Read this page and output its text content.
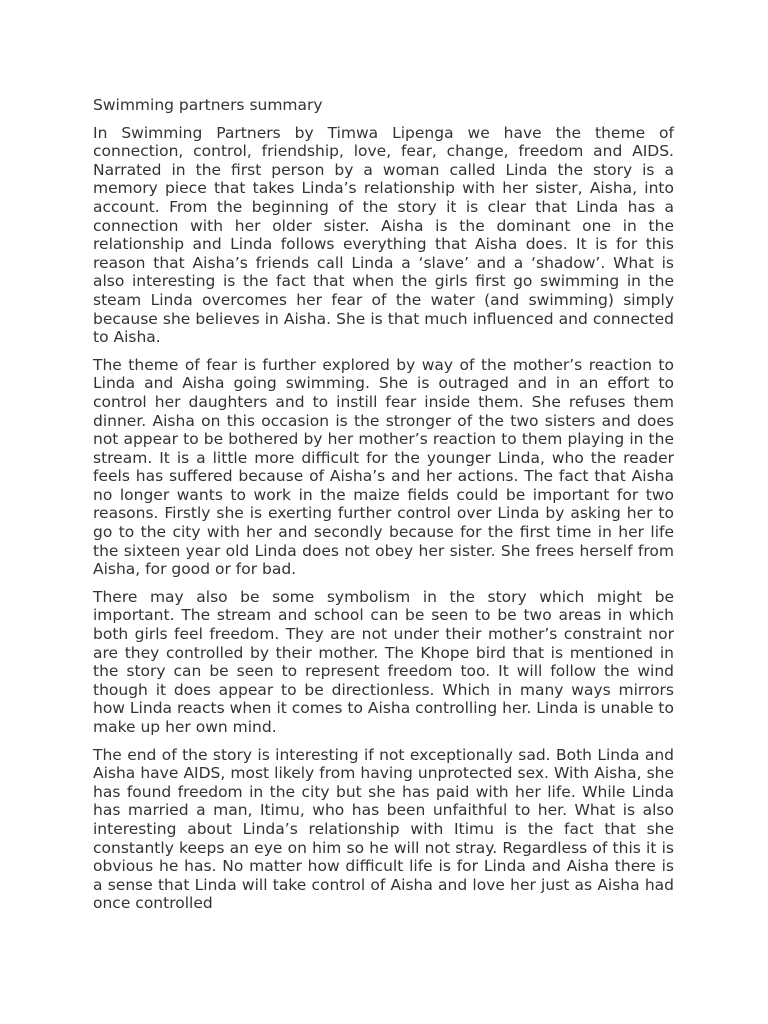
Swimming partners summary

In Swimming Partners by Timwa Lipenga we have the theme of connection, control, friendship, love, fear, change, freedom and AIDS. Narrated in the first person by a woman called Linda the story is a memory piece that takes Linda’s relationship with her sister, Aisha, into account. From the beginning of the story it is clear that Linda has a connection with her older sister. Aisha is the dominant one in the relationship and Linda follows everything that Aisha does. It is for this reason that Aisha’s friends call Linda a ‘slave’ and a ‘shadow’. What is also interesting is the fact that when the girls first go swimming in the steam Linda overcomes her fear of the water (and swimming) simply because she believes in Aisha. She is that much influenced and connected to Aisha.

The theme of fear is further explored by way of the mother’s reaction to Linda and Aisha going swimming. She is outraged and in an effort to control her daughters and to instill fear inside them. She refuses them dinner. Aisha on this occasion is the stronger of the two sisters and does not appear to be bothered by her mother’s reaction to them playing in the stream. It is a little more difficult for the younger Linda, who the reader feels has suffered because of Aisha’s and her actions. The fact that Aisha no longer wants to work in the maize fields could be important for two reasons. Firstly she is exerting further control over Linda by asking her to go to the city with her and secondly because for the first time in her life the sixteen year old Linda does not obey her sister. She frees herself from Aisha, for good or for bad.

There may also be some symbolism in the story which might be important. The stream and school can be seen to be two areas in which both girls feel freedom. They are not under their mother’s constraint nor are they controlled by their mother. The Khope bird that is mentioned in the story can be seen to represent freedom too. It will follow the wind though it does appear to be directionless. Which in many ways mirrors how Linda reacts when it comes to Aisha controlling her. Linda is unable to make up her own mind.

The end of the story is interesting if not exceptionally sad. Both Linda and Aisha have AIDS, most likely from having unprotected sex. With Aisha, she has found freedom in the city but she has paid with her life. While Linda has married a man, Itimu, who has been unfaithful to her. What is also interesting about Linda’s relationship with Itimu is the fact that she constantly keeps an eye on him so he will not stray. Regardless of this it is obvious he has. No matter how difficult life is for Linda and Aisha there is a sense that Linda will take control of Aisha and love her just as Aisha had once controlled
